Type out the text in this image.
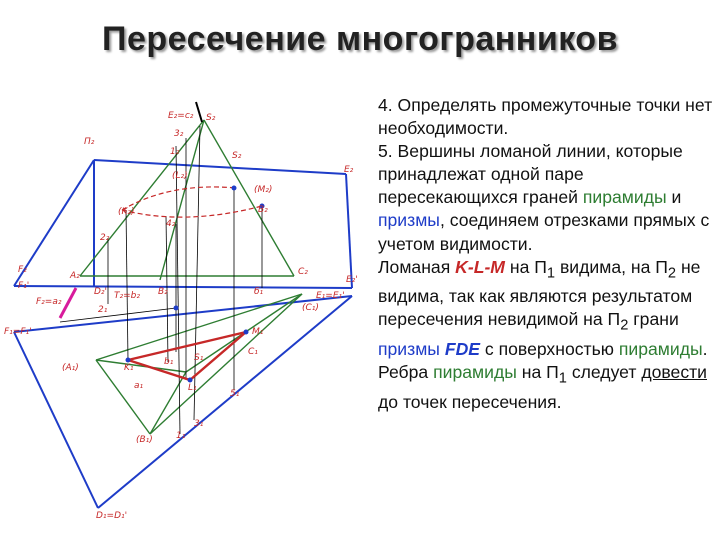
Пересечение многогранников
E₂=c₂ S₂
П₂
3₂
1₂	S₂
E₂
(L₂)
(M₂)
(K₂)	B₂
4₂
2₂
F₂
F₁'
A₂	C₂
E₂'
D₂' T₂=b₂ B₂
F₂=a₂
E₁=E₁'
б₁
(C₁)
2₁
F₁=F₁'	M₁
C₁
K₁
b₁ S₁
(A₁)
a₁	L₁
5₁
3₁
(B₁)	1₁
D₁=D₁'

4. Определять промежуточные точки нет необходимости.

5. Вершины ломаной линии, которые принадлежат одной паре пересекающихся граней пирамиды и призмы, соединяем отрезками прямых с учетом видимости.

Ломаная K-L-M на $П_1$ видима, на $П_2$ не видима, так как являются результатом пересечения невидимой на $П_2$ грани призмы FDE с поверхностью пирамиды.

Ребра пирамиды на $П_1$ следует довести до точек пересечения.
